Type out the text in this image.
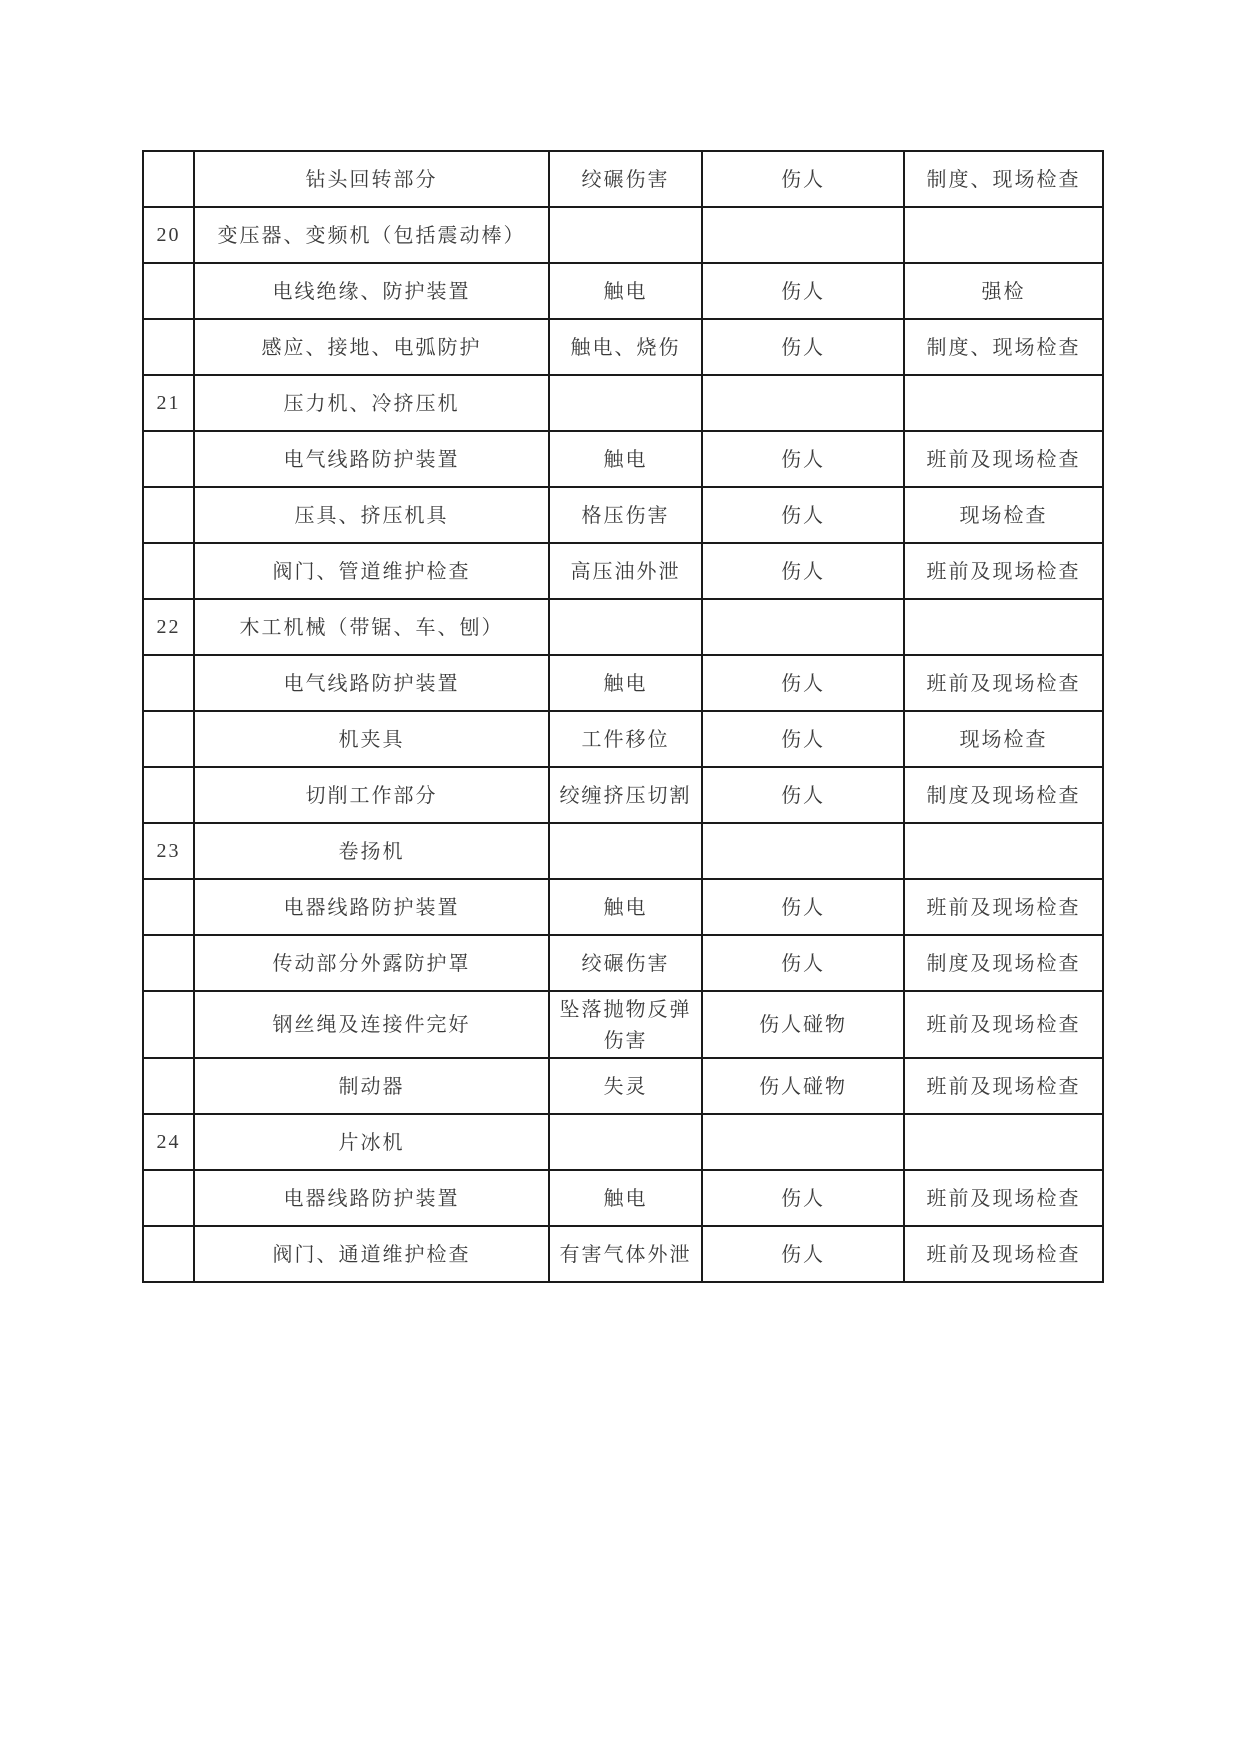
	钻头回转部分	绞碾伤害	伤人	制度、现场检查
20	变压器、变频机（包括震动棒）			
	电线绝缘、防护装置	触电	伤人	强检
	感应、接地、电弧防护	触电、烧伤	伤人	制度、现场检查
21	压力机、冷挤压机			
	电气线路防护装置	触电	伤人	班前及现场检查
	压具、挤压机具	格压伤害	伤人	现场检查
	阀门、管道维护检查	高压油外泄	伤人	班前及现场检查
22	木工机械（带锯、车、刨）			
	电气线路防护装置	触电	伤人	班前及现场检查
	机夹具	工件移位	伤人	现场检查
	切削工作部分	绞缠挤压切割	伤人	制度及现场检查
23	卷扬机			
	电器线路防护装置	触电	伤人	班前及现场检查
	传动部分外露防护罩	绞碾伤害	伤人	制度及现场检查
	钢丝绳及连接件完好	坠落抛物反弹伤害	伤人碰物	班前及现场检查
	制动器	失灵	伤人碰物	班前及现场检查
24	片冰机			
	电器线路防护装置	触电	伤人	班前及现场检查
	阀门、通道维护检查	有害气体外泄	伤人	班前及现场检查
